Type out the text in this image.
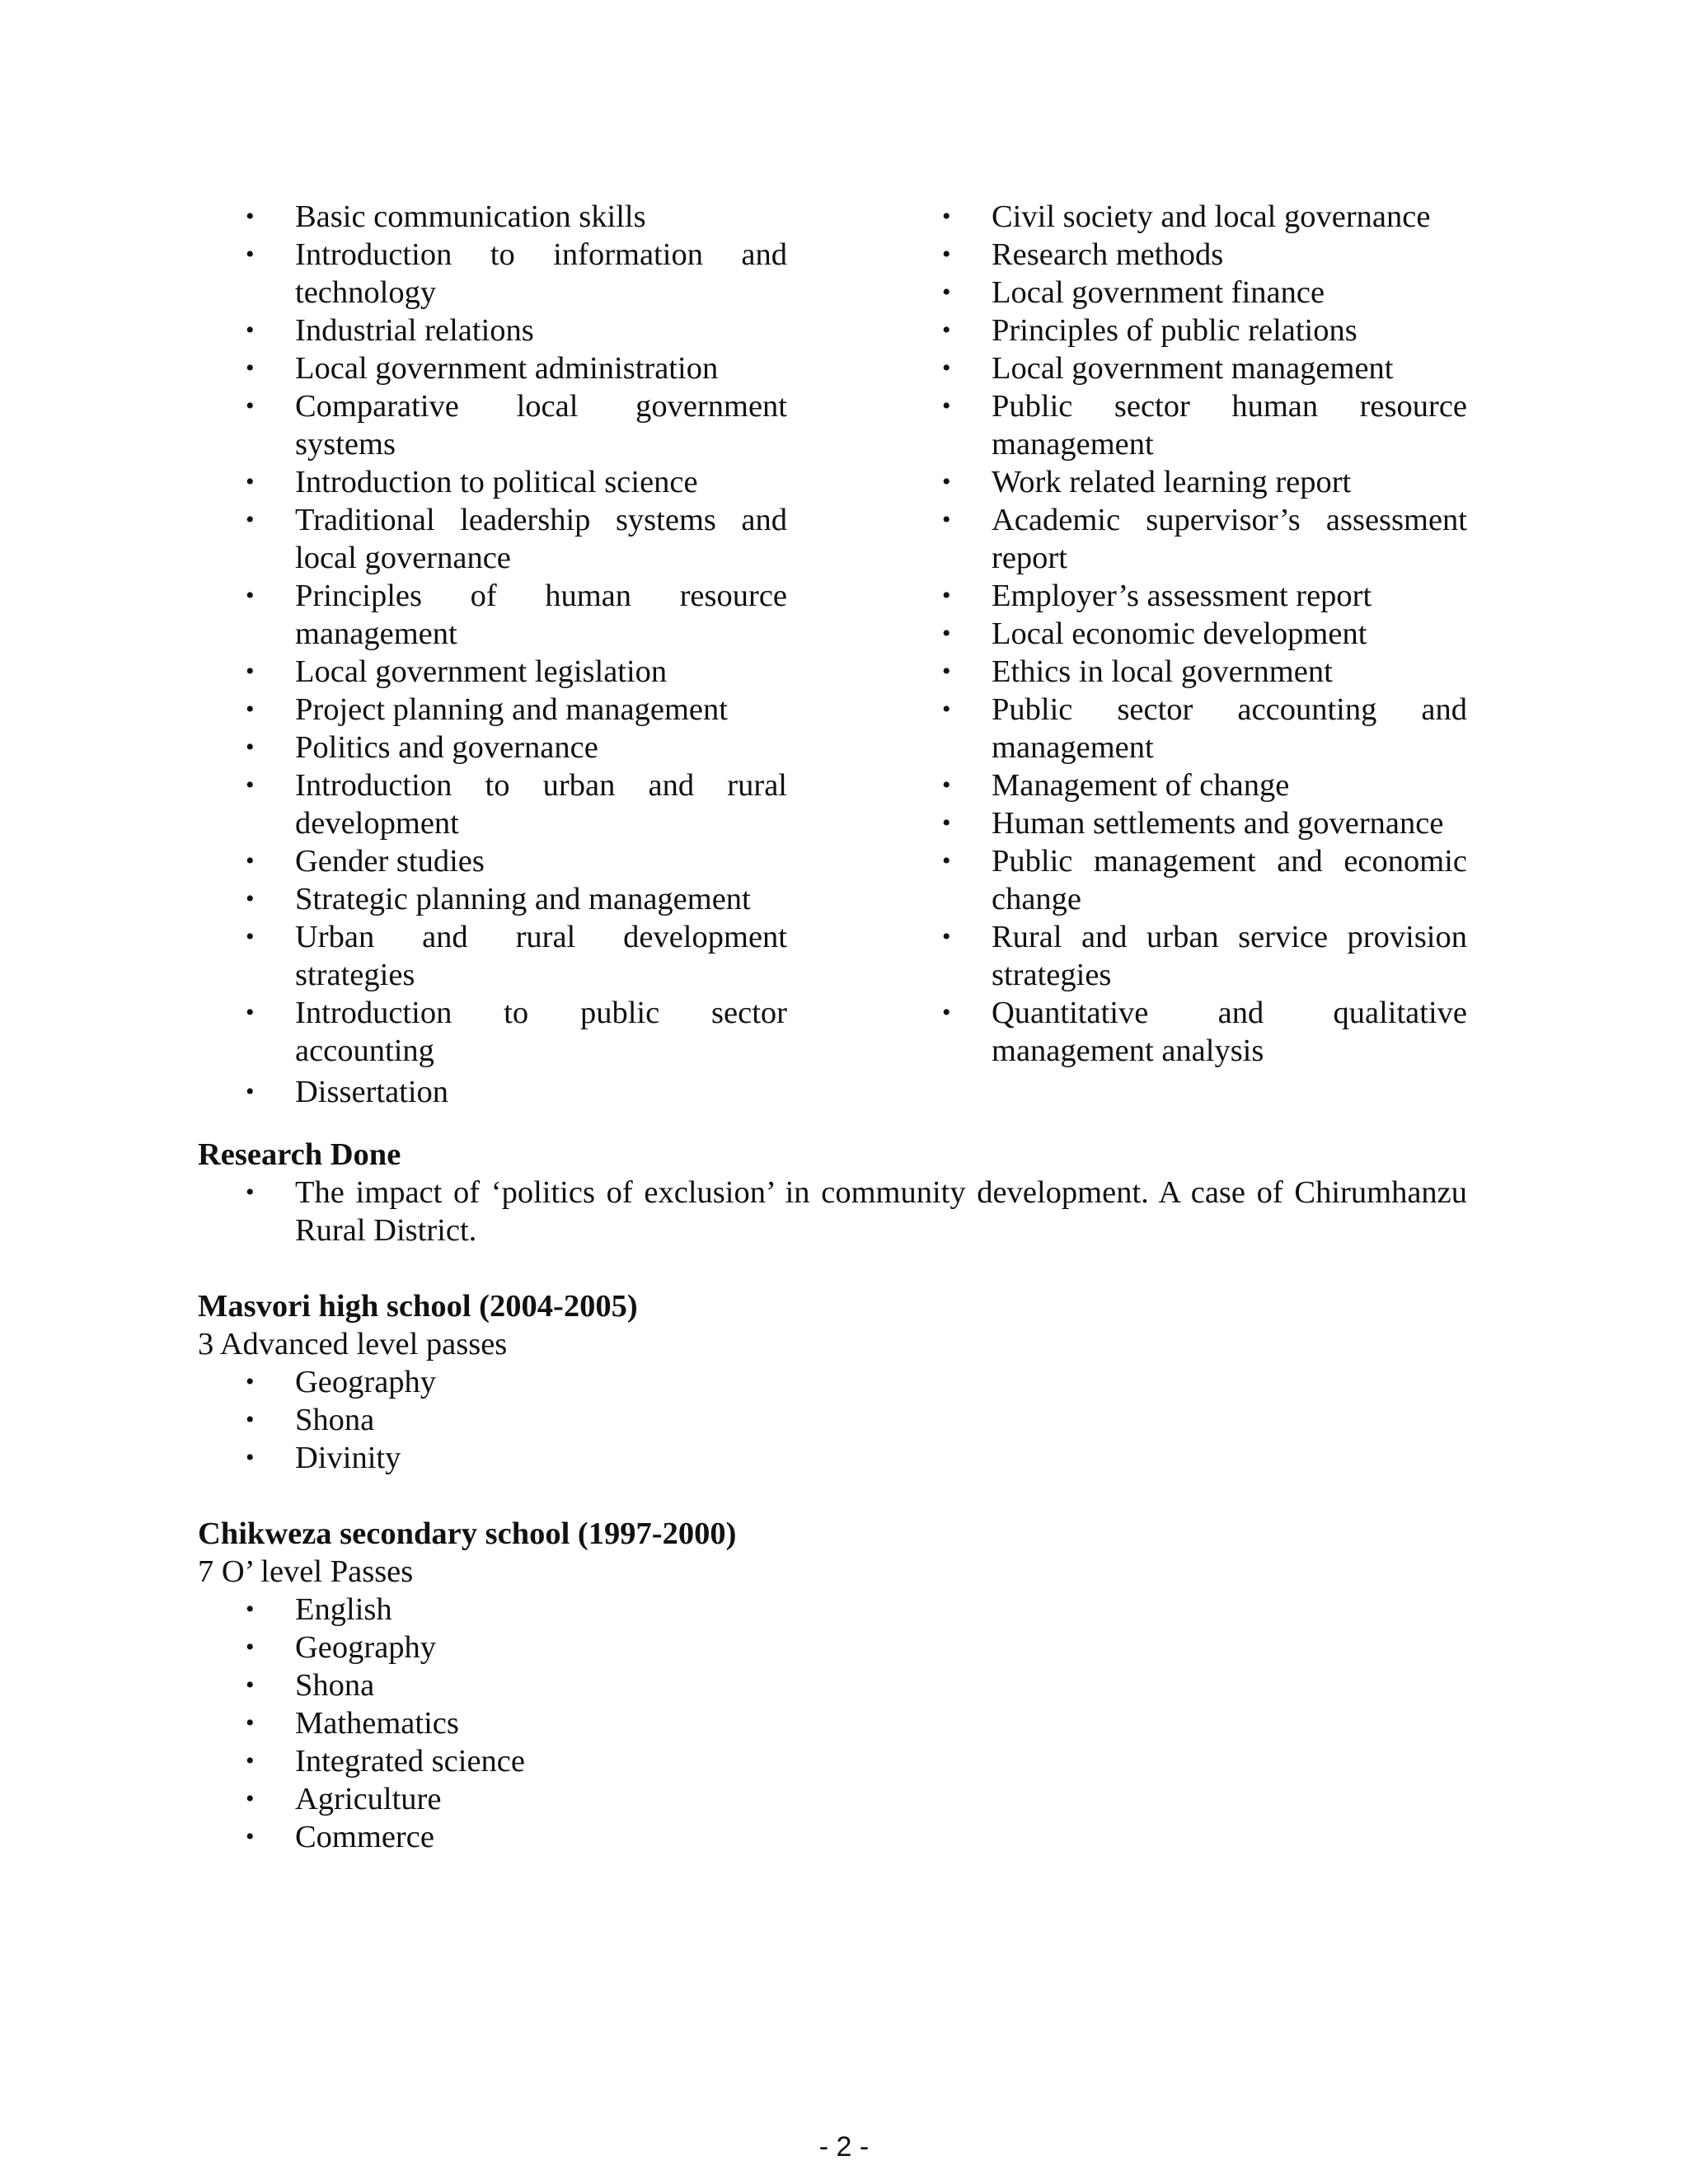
• Basic communication skills
• Introduction to information and technology
• Industrial relations
• Local government administration
• Comparative local government systems
• Introduction to political science
• Traditional leadership systems and local governance
• Principles of human resource management
• Local government legislation
• Project planning and management
• Politics and governance
• Introduction to urban and rural development
• Gender studies
• Strategic planning and management
• Urban and rural development strategies
• Introduction to public sector accounting
• Dissertation
• Civil society and local governance
• Research methods
• Local government finance
• Principles of public relations
• Local government management
• Public sector human resource management
• Work related learning report
• Academic supervisor’s assessment report
• Employer’s assessment report
• Local economic development
• Ethics in local government
• Public sector accounting and management
• Management of change
• Human settlements and governance
• Public management and economic change
• Rural and urban service provision strategies
• Quantitative and qualitative management analysis
Research Done
• The impact of ‘politics of exclusion’ in community development. A case of Chirumhanzu Rural District.
Masvori high school (2004-2005)
3 Advanced level passes
• Geography
• Shona
• Divinity
Chikweza secondary school (1997-2000)
7 O’ level Passes
• English
• Geography
• Shona
• Mathematics
• Integrated science
• Agriculture
• Commerce
- 2 -
